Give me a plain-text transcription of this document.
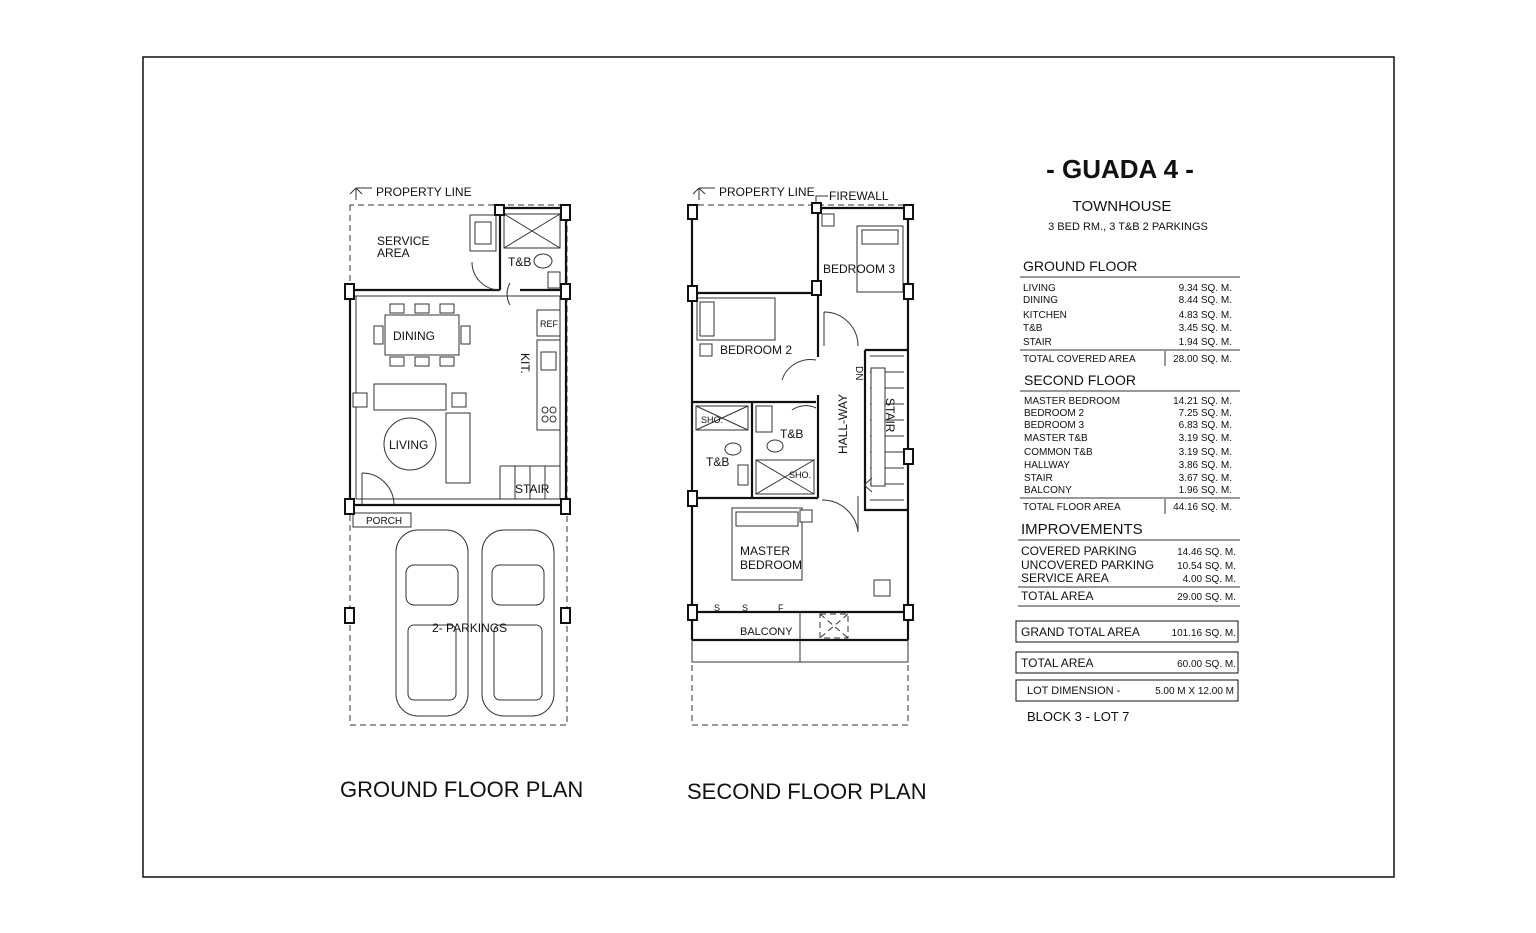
PROPERTY LINE
T&B
SERVICE
AREA
DINING
REF
KIT.
LIVING
STAIR
PORCH
2- PARKINGS
GROUND FLOOR PLAN
PROPERTY LINE FIREWALL
BEDROOM 3
BEDROOM 2
SHO.
T&B
T&B
SHO.
HALL-WAY	STAIR
DN
MASTER
BEDROOM
S S	F
BALCONY
SECOND FLOOR PLAN
- GUADA 4 -
TOWNHOUSE
3 BED RM., 3 T&B 2 PARKINGS
GROUND FLOOR
LIVING	9.34 SQ. M.
DINING	8.44 SQ. M.
KITCHEN	4.83 SQ. M.
T&B	3.45 SQ. M.
STAIR	1.94 SQ. M.
TOTAL COVERED AREA	28.00 SQ. M.
SECOND FLOOR
MASTER BEDROOM	14.21 SQ. M.
BEDROOM 2	7.25 SQ. M.
BEDROOM 3	6.83 SQ. M.
MASTER T&B	3.19 SQ. M.
COMMON T&B	3.19 SQ. M.
HALLWAY	3.86 SQ. M.
STAIR	3.67 SQ. M.
BALCONY	1.96 SQ. M.
TOTAL FLOOR AREA	44.16 SQ. M.
IMPROVEMENTS
COVERED PARKING	14.46 SQ. M.
UNCOVERED PARKING 10.54 SQ. M.
SERVICE AREA	4.00 SQ. M.
TOTAL AREA	29.00 SQ. M.
GRAND TOTAL AREA	101.16 SQ. M.
TOTAL AREA	60.00 SQ. M.
LOT DIMENSION -	5.00 M X 12.00 M
BLOCK 3 - LOT 7
